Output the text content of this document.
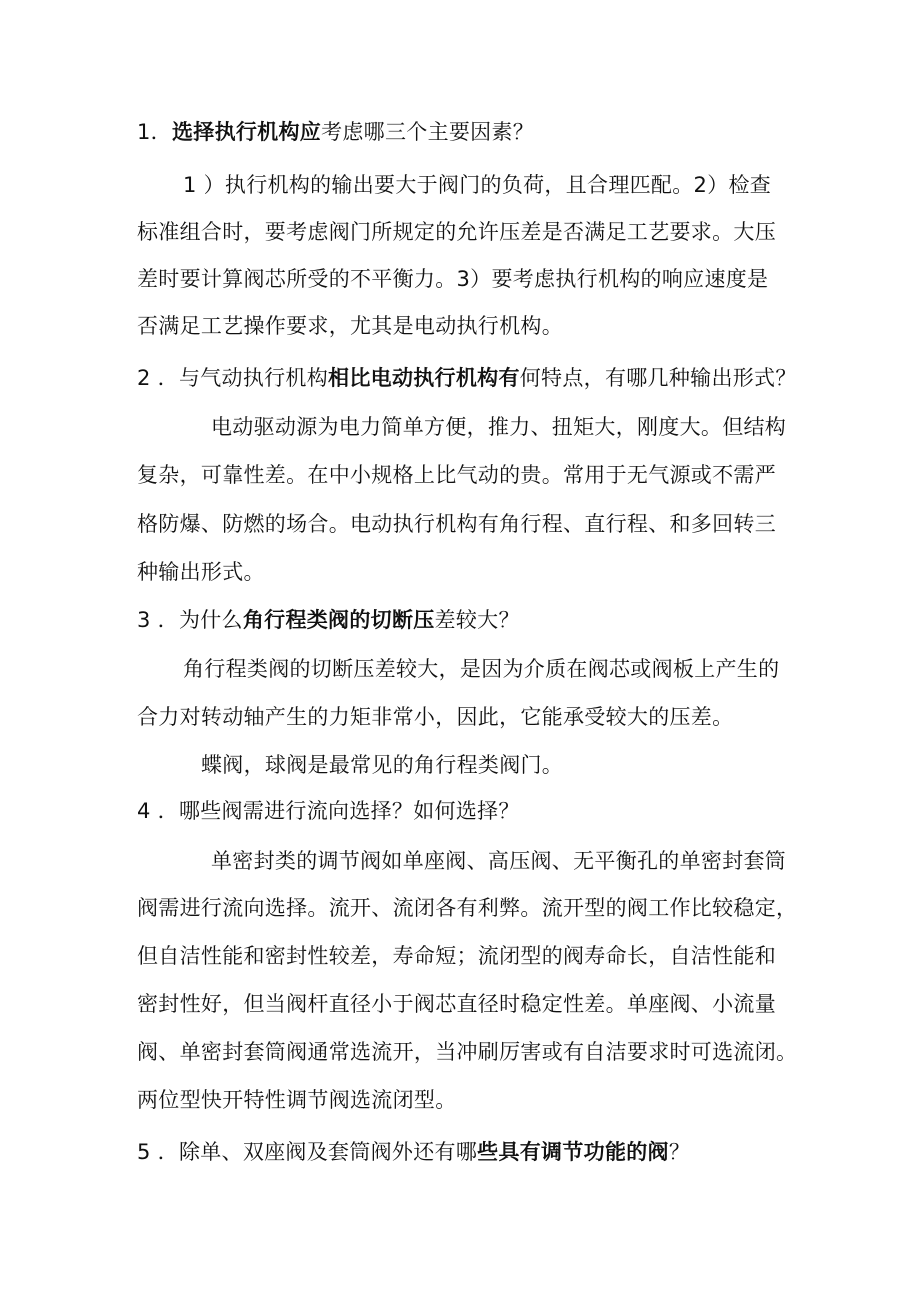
1．选择执行机构应考虑哪三个主要因素？
1 ）执行机构的输出要大于阀门的负荷，且合理匹配。2）检查
标准组合时，要考虑阀门所规定的允许压差是否满足工艺要求。大压
差时要计算阀芯所受的不平衡力。3）要考虑执行机构的响应速度是
否满足工艺操作要求，尤其是电动执行机构。
2 ．与气动执行机构相比电动执行机构有何特点，有哪几种输出形式？
电动驱动源为电力简单方便，推力、扭矩大，刚度大。但结构
复杂，可靠性差。在中小规格上比气动的贵。常用于无气源或不需严
格防爆、防燃的场合。电动执行机构有角行程、直行程、和多回转三
种输出形式。
3 ．为什么角行程类阀的切断压差较大？
角行程类阀的切断压差较大，是因为介质在阀芯或阀板上产生的
合力对转动轴产生的力矩非常小，因此，它能承受较大的压差。
蝶阀，球阀是最常见的角行程类阀门。
4 ．哪些阀需进行流向选择？如何选择？
单密封类的调节阀如单座阀、高压阀、无平衡孔的单密封套筒
阀需进行流向选择。流开、流闭各有利弊。流开型的阀工作比较稳定，
但自洁性能和密封性较差，寿命短；流闭型的阀寿命长，自洁性能和
密封性好，但当阀杆直径小于阀芯直径时稳定性差。单座阀、小流量
阀、单密封套筒阀通常选流开，当冲刷厉害或有自洁要求时可选流闭。
两位型快开特性调节阀选流闭型。
5 ．除单、双座阀及套筒阀外还有哪些具有调节功能的阀？
